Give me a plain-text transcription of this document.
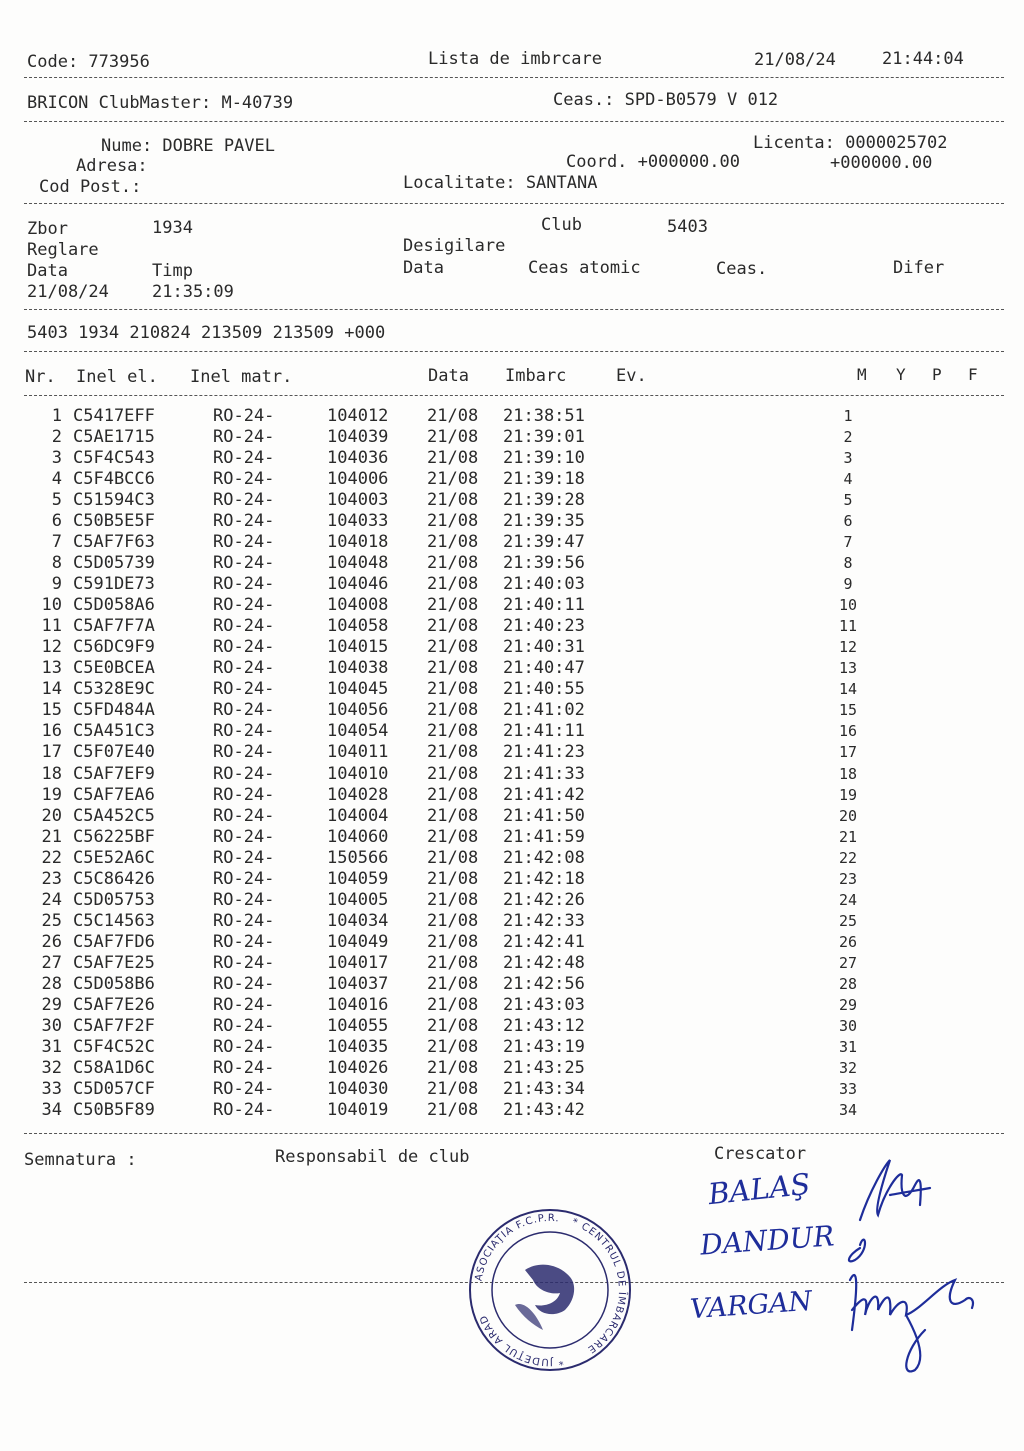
Code: 773956	Lista de imbrcare	21/08/24	21:44:04
BRICON ClubMaster: M-40739	Ceas.: SPD-B0579 V 012
Nume: DOBRE PAVEL	Licenta: 0000025702
Adresa:	Coord. +000000.00	+000000.00
Cod Post.:	Localitate: SANTANA
Zbor	1934	Club	5403
Reglare	Desigilare
Data	Timp	Data	Ceas atomic	Ceas.	Difer
21/08/24	21:35:09
5403 1934 210824 213509 213509 +000
Nr. Inel el. Inel matr.	Data Imbarc	Ev.	M Y P F
1 C5417EFF	RO-24-	104012 21/08 21:38:51	1
2 C5AE1715	RO-24-	104039 21/08 21:39:01	2
3 C5F4C543	RO-24-	104036 21/08 21:39:10	3
4 C5F4BCC6	RO-24-	104006 21/08 21:39:18	4
5 C51594C3	RO-24-	104003 21/08 21:39:28	5
6 C50B5E5F	RO-24-	104033 21/08 21:39:35	6
7 C5AF7F63	RO-24-	104018 21/08 21:39:47	7
8 C5D05739	RO-24-	104048 21/08 21:39:56	8
9 C591DE73	RO-24-	104046 21/08 21:40:03	9
10 C5D058A6	RO-24-	104008 21/08 21:40:11	10
11 C5AF7F7A	RO-24-	104058 21/08 21:40:23	11
12 C56DC9F9	RO-24-	104015 21/08 21:40:31	12
13 C5E0BCEA	RO-24-	104038 21/08 21:40:47	13
14 C5328E9C	RO-24-	104045 21/08 21:40:55	14
15 C5FD484A	RO-24-	104056 21/08 21:41:02	15
16 C5A451C3	RO-24-	104054 21/08 21:41:11	16
17 C5F07E40	RO-24-	104011 21/08 21:41:23	17
18 C5AF7EF9	RO-24-	104010 21/08 21:41:33	18
19 C5AF7EA6	RO-24-	104028 21/08 21:41:42	19
20 C5A452C5	RO-24-	104004 21/08 21:41:50	20
21 C56225BF	RO-24-	104060 21/08 21:41:59	21
22 C5E52A6C	RO-24-	150566 21/08 21:42:08	22
23 C5C86426	RO-24-	104059 21/08 21:42:18	23
24 C5D05753	RO-24-	104005 21/08 21:42:26	24
25 C5C14563	RO-24-	104034 21/08 21:42:33	25
26 C5AF7FD6	RO-24-	104049 21/08 21:42:41	26
27 C5AF7E25	RO-24-	104017 21/08 21:42:48	27
28 C5D058B6	RO-24-	104037 21/08 21:42:56	28
29 C5AF7E26	RO-24-	104016 21/08 21:43:03	29
30 C5AF7F2F	RO-24-	104055 21/08 21:43:12	30
31 C5F4C52C	RO-24-	104035 21/08 21:43:19	31
32 C58A1D6C	RO-24-	104026 21/08 21:43:25	32
33 C5D057CF	RO-24-	104030 21/08 21:43:34	33
34 C50B5F89	RO-24-	104019 21/08 21:43:42	34
Semnatura :	Responsabil de club	Crescator
BALAŞ
DANDUR
VARGAN
ASOCIAŢIA F.C.P.R. * CENTRUL DE ÎMBARCARE
* JUDEŢUL ARAD
